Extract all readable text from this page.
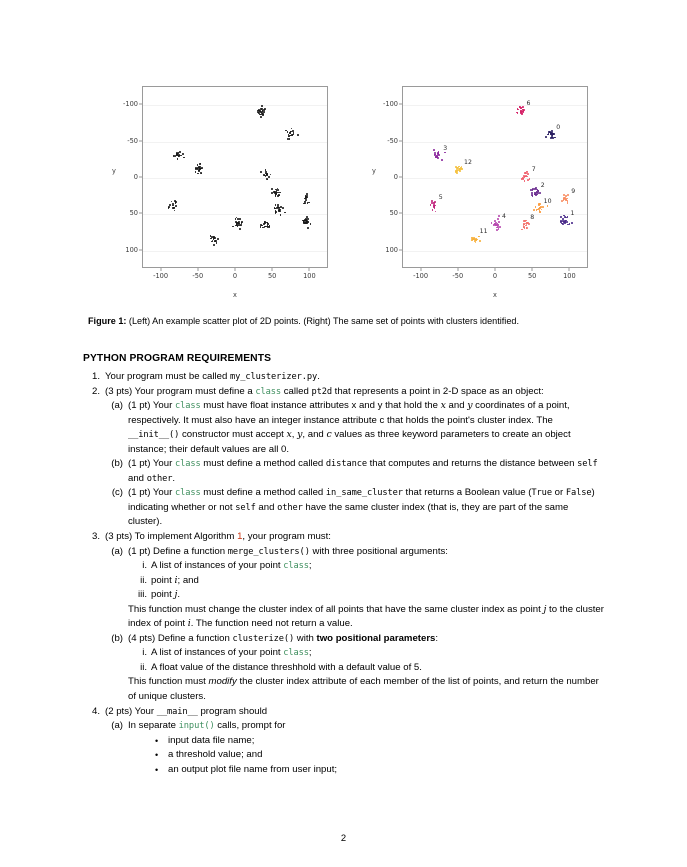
x
y
100
50
0
-50
-100
-100	-50	0	50	100
0
1
2
3
4
5
6
7
8
9
10
11
12
x
y
100
50
0
-50
-100
-100	-50	0	50	100
Figure 1: (Left) An example scatter plot of 2D points. (Right) The same set of points with clusters identified.
PYTHON PROGRAM REQUIREMENTS
1. Your program must be called my_clusterizer.py.
2. (3 pts) Your program must define a class called pt2d that represents a point in 2-D space as an object:
(a) (1 pt) Your class must have float instance attributes x and y that hold the x and y coordinates of a point, respectively. It must also have an integer instance attribute c that holds the point's cluster index. The __init__() constructor must accept x, y, and c values as three keyword parameters to create an object instance; their default values are all 0.
(b) (1 pt) Your class must define a method called distance that computes and returns the distance between self and other.
(c) (1 pt) Your class must define a method called in_same_cluster that returns a Boolean value (True or False) indicating whether or not self and other have the same cluster index (that is, they are part of the same cluster).
3. (3 pts) To implement Algorithm 1, your program must:
(a) (1 pt) Define a function merge_clusters() with three positional arguments:
i. A list of instances of your point class;
ii. point i; and
iii. point j.
This function must change the cluster index of all points that have the same cluster index as point j to the cluster index of point i. The function need not return a value.
(b) (4 pts) Define a function clusterize() with two positional parameters:
i. A list of instances of your point class;
ii. A float value of the distance threshhold with a default value of 5.
This function must modify the cluster index attribute of each member of the list of points, and return the number of unique clusters.
4. (2 pts) Your __main__ program should
(a) In separate input() calls, prompt for
• input data file name;
• a threshold value; and
• an output plot file name from user input;
2
